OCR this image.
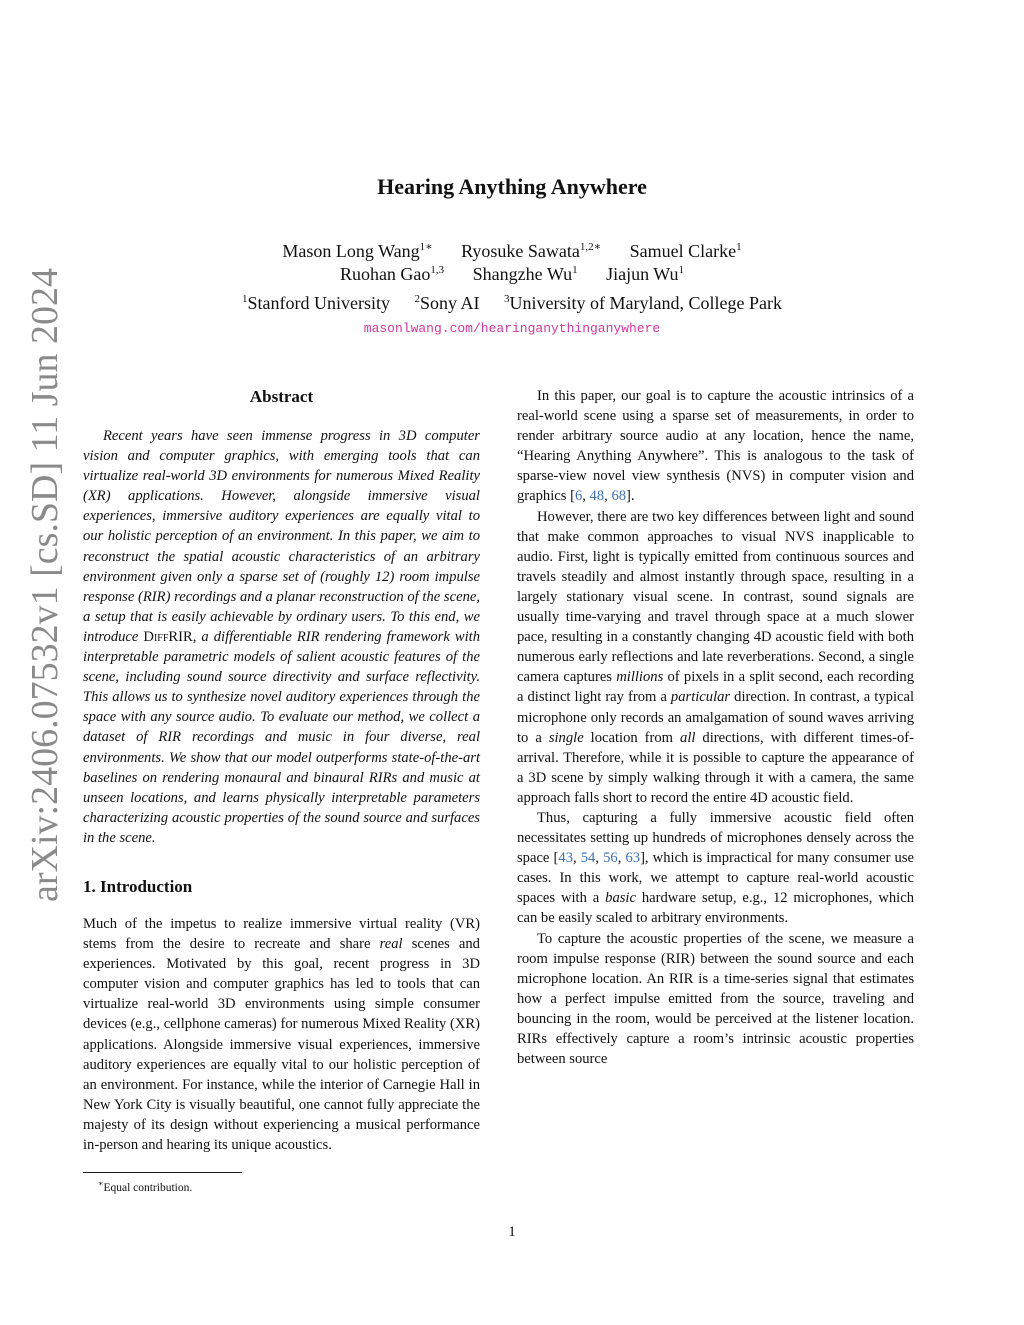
arXiv:2406.07532v1 [cs.SD] 11 Jun 2024
Hearing Anything Anywhere
Mason Long Wang$^{1∗}$ Ryosuke Sawata$^{1,2∗}$ Samuel Clarke$^1$
Ruohan Gao$^{1,3}$ Shangzhe Wu$^1$ Jiajun Wu$^1$
$^1$Stanford University $^2$Sony AI $^3$University of Maryland, College Park
masonlwang.com/hearinganythinganywhere
Abstract

Recent years have seen immense progress in 3D computer vision and computer graphics, with emerging tools that can virtualize real-world 3D environments for numerous Mixed Reality (XR) applications. However, alongside immersive visual experiences, immersive auditory experiences are equally vital to our holistic perception of an environment. In this paper, we aim to reconstruct the spatial acoustic characteristics of an arbitrary environment given only a sparse set of (roughly 12) room impulse response (RIR) recordings and a planar reconstruction of the scene, a setup that is easily achievable by ordinary users. To this end, we introduce DiffRIR, a differentiable RIR rendering framework with interpretable parametric models of salient acoustic features of the scene, including sound source directivity and surface reflectivity. This allows us to synthesize novel auditory experiences through the space with any source audio. To evaluate our method, we collect a dataset of RIR recordings and music in four diverse, real environments. We show that our model outperforms state-of-the-art baselines on rendering monaural and binaural RIRs and music at unseen locations, and learns physically interpretable parameters characterizing acoustic properties of the sound source and surfaces in the scene.

1. Introduction

Much of the impetus to realize immersive virtual reality (VR) stems from the desire to recreate and share real scenes and experiences. Motivated by this goal, recent progress in 3D computer vision and computer graphics has led to tools that can virtualize real-world 3D environments using simple consumer devices (e.g., cellphone cameras) for numerous Mixed Reality (XR) applications. Alongside immersive visual experiences, immersive auditory experiences are equally vital to our holistic perception of an environment. For instance, while the interior of Carnegie Hall in New York City is visually beautiful, one cannot fully appreciate the majesty of its design without experiencing a musical performance in-person and hearing its unique acoustics.

In this paper, our goal is to capture the acoustic intrinsics of a real-world scene using a sparse set of measurements, in order to render arbitrary source audio at any location, hence the name, “Hearing Anything Anywhere”. This is analogous to the task of sparse-view novel view synthesis (NVS) in computer vision and graphics [6, 48, 68].

However, there are two key differences between light and sound that make common approaches to visual NVS inapplicable to audio. First, light is typically emitted from continuous sources and travels steadily and almost instantly through space, resulting in a largely stationary visual scene. In contrast, sound signals are usually time-varying and travel through space at a much slower pace, resulting in a constantly changing 4D acoustic field with both numerous early reflections and late reverberations. Second, a single camera captures millions of pixels in a split second, each recording a distinct light ray from a particular direction. In contrast, a typical microphone only records an amalgamation of sound waves arriving to a single location from all directions, with different times-of-arrival. Therefore, while it is possible to capture the appearance of a 3D scene by simply walking through it with a camera, the same approach falls short to record the entire 4D acoustic field.

Thus, capturing a fully immersive acoustic field often necessitates setting up hundreds of microphones densely across the space [43, 54, 56, 63], which is impractical for many consumer use cases. In this work, we attempt to capture real-world acoustic spaces with a basic hardware setup, e.g., 12 microphones, which can be easily scaled to arbitrary environments.

To capture the acoustic properties of the scene, we measure a room impulse response (RIR) between the sound source and each microphone location. An RIR is a time-series signal that estimates how a perfect impulse emitted from the source, traveling and bouncing in the room, would be perceived at the listener location. RIRs effectively capture a room’s intrinsic acoustic properties between source

∗Equal contribution.
1
